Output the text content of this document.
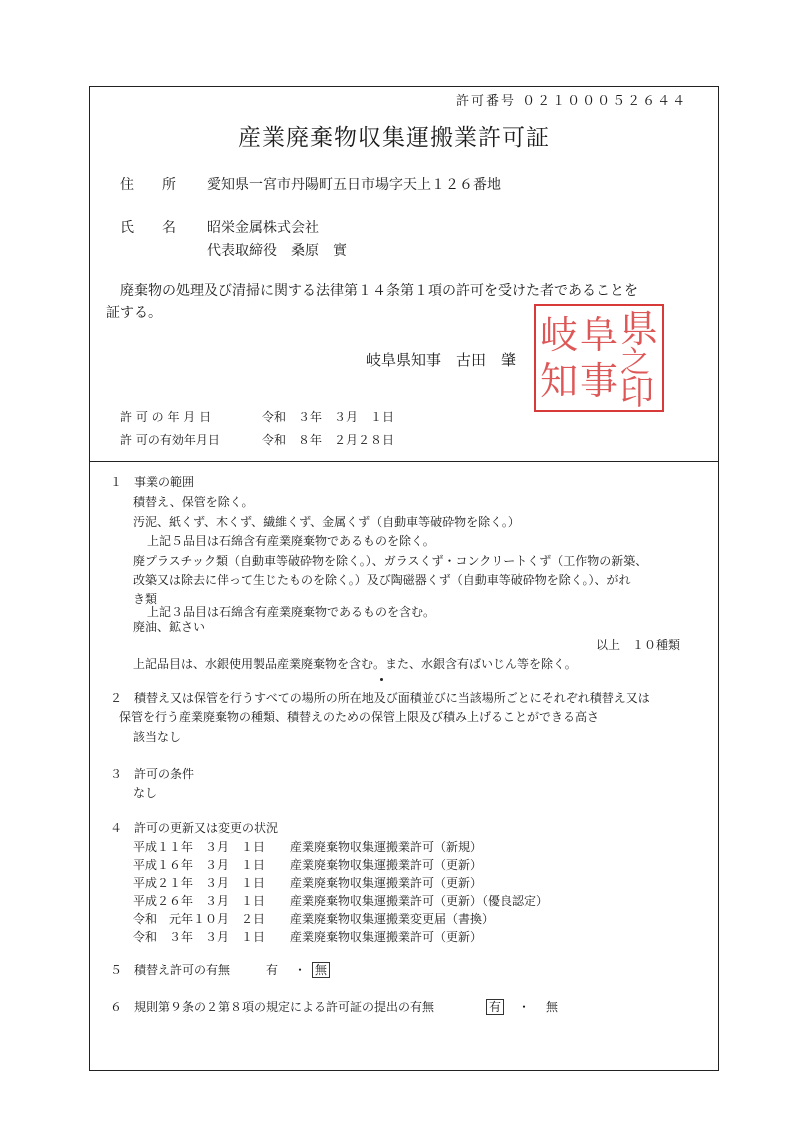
許可番号 ０２１０００５２６４４
産業廃棄物収集運搬業許可証
住　　所 愛知県一宮市丹陽町五日市場字天上１２６番地
氏　　名 昭栄金属株式会社
代表取締役　桑原　實
廃棄物の処理及び清掃に関する法律第１４条第１項の許可を受けた者であることを
証する。
岐阜県知事　古田　肇
岐
知
阜
事
県
之
印
許 可 の 年 月 日	令和　３年　３月　１日
許 可の有効年月日	令和　８年　２月２８日
１　事業の範囲
積替え、保管を除く。
汚泥、紙くず、木くず、繊維くず、金属くず（自動車等破砕物を除く。）
上記５品目は石綿含有産業廃棄物であるものを除く。
廃プラスチック類（自動車等破砕物を除く。）、ガラスくず・コンクリートくず（工作物の新築、
改築又は除去に伴って生じたものを除く。）及び陶磁器くず（自動車等破砕物を除く。）、がれ
き類
上記３品目は石綿含有産業廃棄物であるものを含む。
廃油、鉱さい
以上　１０種類
上記品目は、水銀使用製品産業廃棄物を含む。また、水銀含有ばいじん等を除く。
２　積替え又は保管を行うすべての場所の所在地及び面積並びに当該場所ごとにそれぞれ積替え又は
保管を行う産業廃棄物の種類、積替えのための保管上限及び積み上げることができる高さ
該当なし
３　許可の条件
なし
４　許可の更新又は変更の状況
平成１１年　３月　１日 産業廃棄物収集運搬業許可（新規）
平成１６年　３月　１日 産業廃棄物収集運搬業許可（更新）
平成２１年　３月　１日 産業廃棄物収集運搬業許可（更新）
平成２６年　３月　１日 産業廃棄物収集運搬業許可（更新）（優良認定）
令和　元年１０月　２日 産業廃棄物収集運搬業変更届（書換）
令和　３年　３月　１日 産業廃棄物収集運搬業許可（更新）
５　積替え許可の有無	有 ・ 無
６　規則第９条の２第８項の規定による許可証の提出の有無	有 ・ 無
